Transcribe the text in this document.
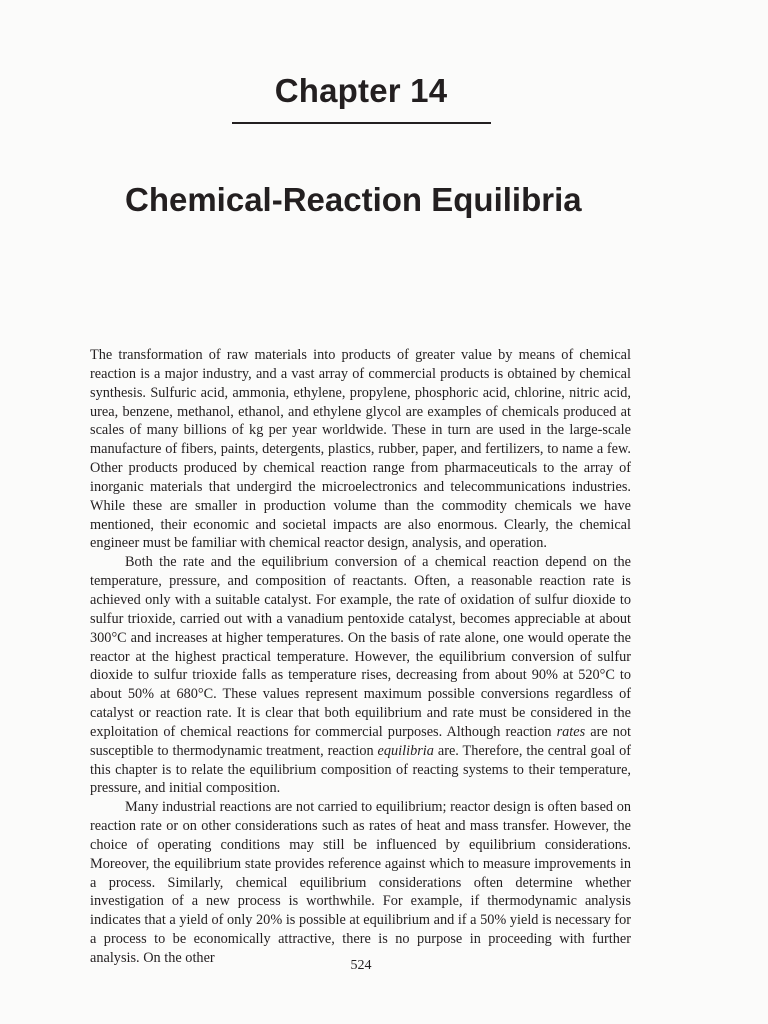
Chapter 14
Chemical-Reaction Equilibria

The transformation of raw materials into products of greater value by means of chemical reaction is a major industry, and a vast array of commercial products is obtained by chemical synthesis. Sulfuric acid, ammonia, ethylene, propylene, phosphoric acid, chlorine, nitric acid, urea, benzene, methanol, ethanol, and ethylene glycol are examples of chemicals produced at scales of many billions of kg per year worldwide. These in turn are used in the large-scale manufacture of fibers, paints, detergents, plastics, rubber, paper, and fertilizers, to name a few. Other products produced by chemical reaction range from pharmaceuticals to the array of inorganic materials that undergird the microelectronics and telecommunications industries. While these are smaller in production volume than the commodity chemicals we have mentioned, their economic and societal impacts are also enormous. Clearly, the chemical engineer must be familiar with chemical reactor design, analysis, and operation.

Both the rate and the equilibrium conversion of a chemical reaction depend on the temperature, pressure, and composition of reactants. Often, a reasonable reaction rate is achieved only with a suitable catalyst. For example, the rate of oxidation of sulfur dioxide to sulfur trioxide, carried out with a vanadium pentoxide catalyst, becomes appreciable at about 300°C and increases at higher temperatures. On the basis of rate alone, one would operate the reactor at the highest practical temperature. However, the equilibrium conversion of sulfur dioxide to sulfur trioxide falls as temperature rises, decreasing from about 90% at 520°C to about 50% at 680°C. These values represent maximum possible conversions regardless of catalyst or reaction rate. It is clear that both equilibrium and rate must be considered in the exploitation of chemical reactions for commercial purposes. Although reaction rates are not susceptible to thermodynamic treatment, reaction equilibria are. Therefore, the central goal of this chapter is to relate the equilibrium composition of reacting systems to their temperature, pressure, and initial composition.

Many industrial reactions are not carried to equilibrium; reactor design is often based on reaction rate or on other considerations such as rates of heat and mass transfer. However, the choice of operating conditions may still be influenced by equilibrium considerations. Moreover, the equilibrium state provides reference against which to measure improvements in a process. Similarly, chemical equilibrium considerations often determine whether investigation of a new process is worthwhile. For example, if thermodynamic analysis indicates that a yield of only 20% is possible at equilibrium and if a 50% yield is necessary for a process to be economically attractive, there is no purpose in proceeding with further analysis. On the other	524
